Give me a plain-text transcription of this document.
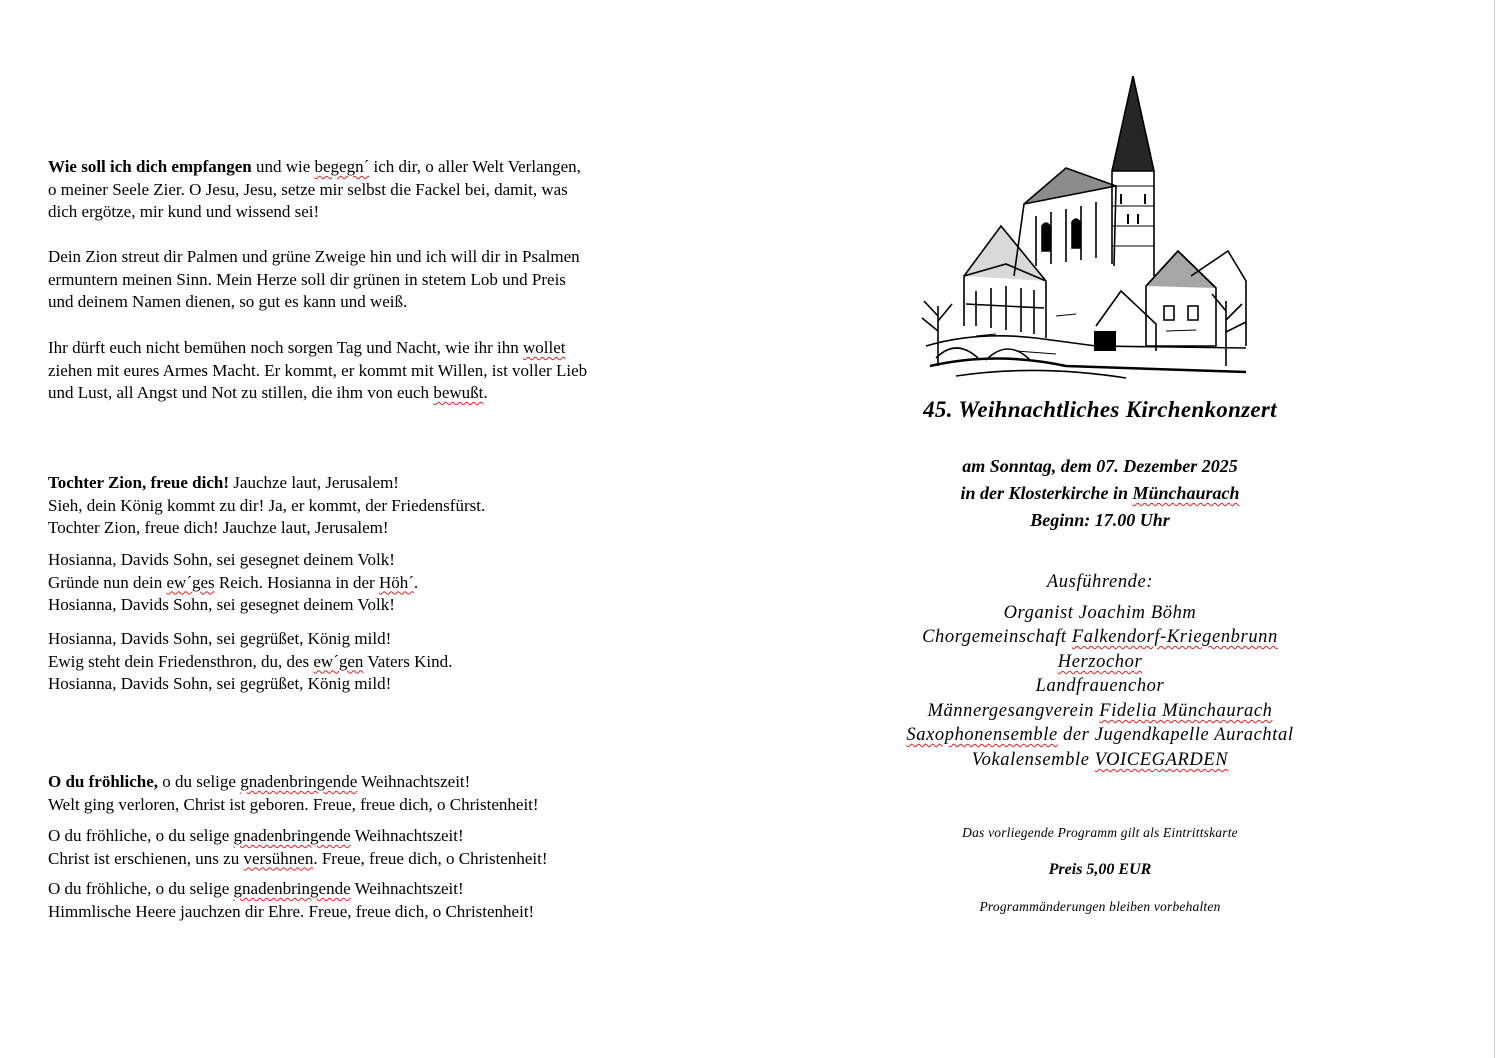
Wie soll ich dich empfangen und wie begegn´ ich dir, o aller Welt Verlangen,
o meiner Seele Zier. O Jesu, Jesu, setze mir selbst die Fackel bei, damit, was
dich ergötze, mir kund und wissend sei!

Dein Zion streut dir Palmen und grüne Zweige hin und ich will dir in Psalmen
ermuntern meinen Sinn. Mein Herze soll dir grünen in stetem Lob und Preis
und deinem Namen dienen, so gut es kann und weiß.

Ihr dürft euch nicht bemühen noch sorgen Tag und Nacht, wie ihr ihn wollet
ziehen mit eures Armes Macht. Er kommt, er kommt mit Willen, ist voller Lieb
und Lust, all Angst und Not zu stillen, die ihm von euch bewußt.

Tochter Zion, freue dich! Jauchze laut, Jerusalem!
Sieh, dein König kommt zu dir! Ja, er kommt, der Friedensfürst.
Tochter Zion, freue dich! Jauchze laut, Jerusalem!

Hosianna, Davids Sohn, sei gesegnet deinem Volk!
Gründe nun dein ew´ges Reich. Hosianna in der Höh´.
Hosianna, Davids Sohn, sei gesegnet deinem Volk!

Hosianna, Davids Sohn, sei gegrüßet, König mild!
Ewig steht dein Friedensthron, du, des ew´gen Vaters Kind.
Hosianna, Davids Sohn, sei gegrüßet, König mild!

O du fröhliche, o du selige gnadenbringende Weihnachtszeit!
Welt ging verloren, Christ ist geboren. Freue, freue dich, o Christenheit!

O du fröhliche, o du selige gnadenbringende Weihnachtszeit!
Christ ist erschienen, uns zu versühnen. Freue, freue dich, o Christenheit!

O du fröhliche, o du selige gnadenbringende Weihnachtszeit!
Himmlische Heere jauchzen dir Ehre. Freue, freue dich, o Christenheit!

45. Weihnachtliches Kirchenkonzert

am Sonntag, dem 07. Dezember 2025

in der Klosterkirche in Münchaurach

Beginn: 17.00 Uhr

Ausführende:

Organist Joachim Böhm

Chorgemeinschaft Falkendorf-Kriegenbrunn

Herzochor

Landfrauenchor

Männergesangverein Fidelia Münchaurach

Saxophonensemble der Jugendkapelle Aurachtal

Vokalensemble VOICEGARDEN

Das vorliegende Programm gilt als Eintrittskarte

Preis 5,00 EUR

Programmänderungen bleiben vorbehalten
